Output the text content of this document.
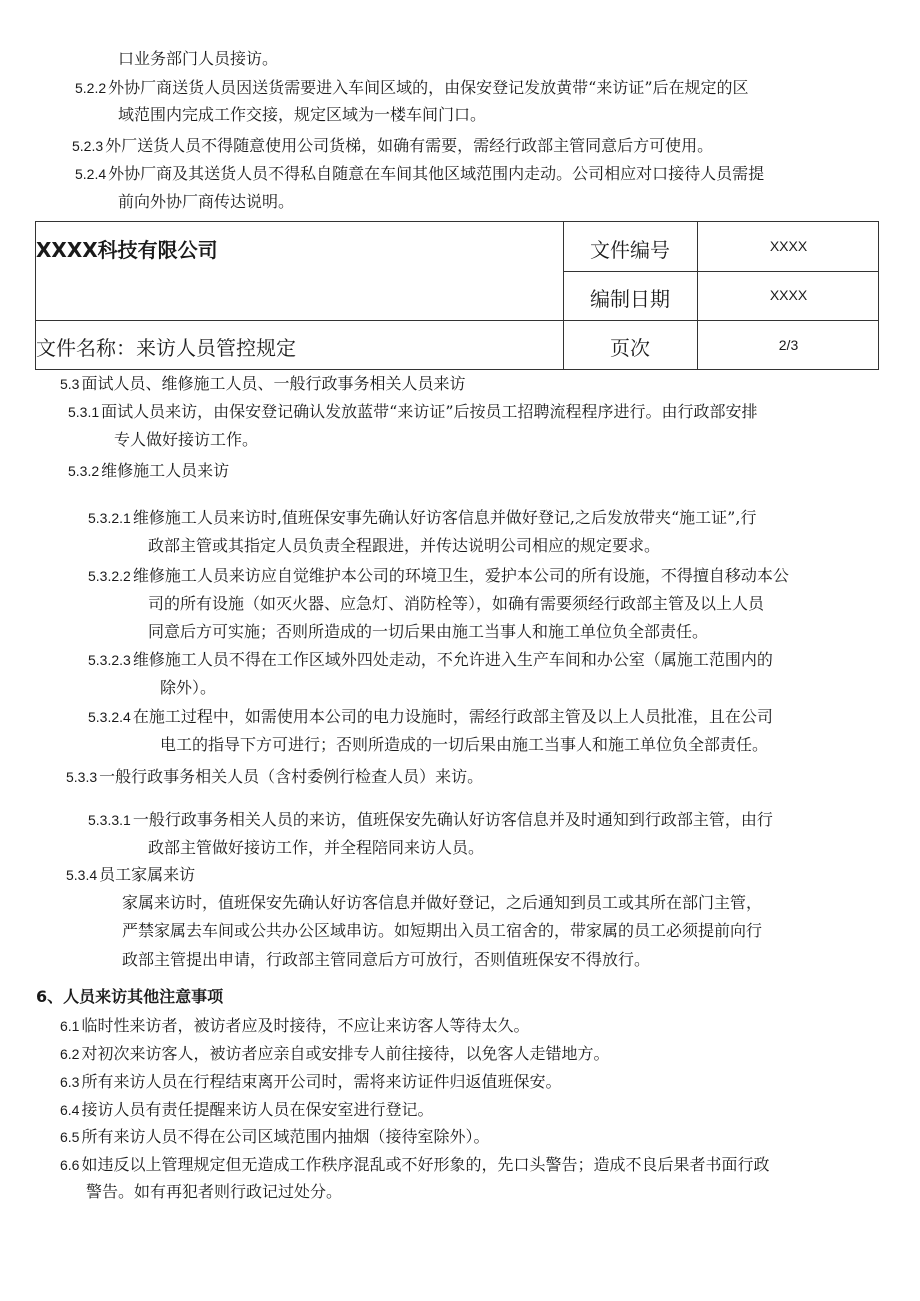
口业务部门人员接访。
5.2.2 外协厂商送货人员因送货需要进入车间区域的，由保安登记发放黄带“来访证”后在规定的区
域范围内完成工作交接，规定区域为一楼车间门口。
5.2.3 外厂送货人员不得随意使用公司货梯，如确有需要，需经行政部主管同意后方可使用。
5.2.4 外协厂商及其送货人员不得私自随意在车间其他区域范围内走动。公司相应对口接待人员需提
前向外协厂商传达说明。
XXXX科技有限公司	文件编号	XXXX
编制日期	XXXX
文件名称：来访人员管控规定	页次	2/3
5.3 面试人员、维修施工人员、一般行政事务相关人员来访
5.3.1 面试人员来访，由保安登记确认发放蓝带“来访证”后按员工招聘流程程序进行。由行政部安排
专人做好接访工作。
5.3.2 维修施工人员来访
5.3.2.1 维修施工人员来访时,值班保安事先确认好访客信息并做好登记,之后发放带夹“施工证”,行
政部主管或其指定人员负责全程跟进，并传达说明公司相应的规定要求。
5.3.2.2 维修施工人员来访应自觉维护本公司的环境卫生，爱护本公司的所有设施，不得擅自移动本公
司的所有设施（如灭火器、应急灯、消防栓等），如确有需要须经行政部主管及以上人员
同意后方可实施；否则所造成的一切后果由施工当事人和施工单位负全部责任。
5.3.2.3 维修施工人员不得在工作区域外四处走动，不允许进入生产车间和办公室（属施工范围内的
除外）。
5.3.2.4 在施工过程中，如需使用本公司的电力设施时，需经行政部主管及以上人员批准，且在公司
电工的指导下方可进行；否则所造成的一切后果由施工当事人和施工单位负全部责任。
5.3.3 一般行政事务相关人员（含村委例行检查人员）来访。
5.3.3.1 一般行政事务相关人员的来访，值班保安先确认好访客信息并及时通知到行政部主管，由行
政部主管做好接访工作，并全程陪同来访人员。
5.3.4 员工家属来访
家属来访时，值班保安先确认好访客信息并做好登记，之后通知到员工或其所在部门主管，
严禁家属去车间或公共办公区域串访。如短期出入员工宿舍的，带家属的员工必须提前向行
政部主管提出申请，行政部主管同意后方可放行，否则值班保安不得放行。
6、人员来访其他注意事项
6.1 临时性来访者，被访者应及时接待，不应让来访客人等待太久。
6.2 对初次来访客人，被访者应亲自或安排专人前往接待，以免客人走错地方。
6.3 所有来访人员在行程结束离开公司时，需将来访证件归返值班保安。
6.4 接访人员有责任提醒来访人员在保安室进行登记。
6.5 所有来访人员不得在公司区域范围内抽烟（接待室除外）。
6.6 如违反以上管理规定但无造成工作秩序混乱或不好形象的，先口头警告；造成不良后果者书面行政
警告。如有再犯者则行政记过处分。
